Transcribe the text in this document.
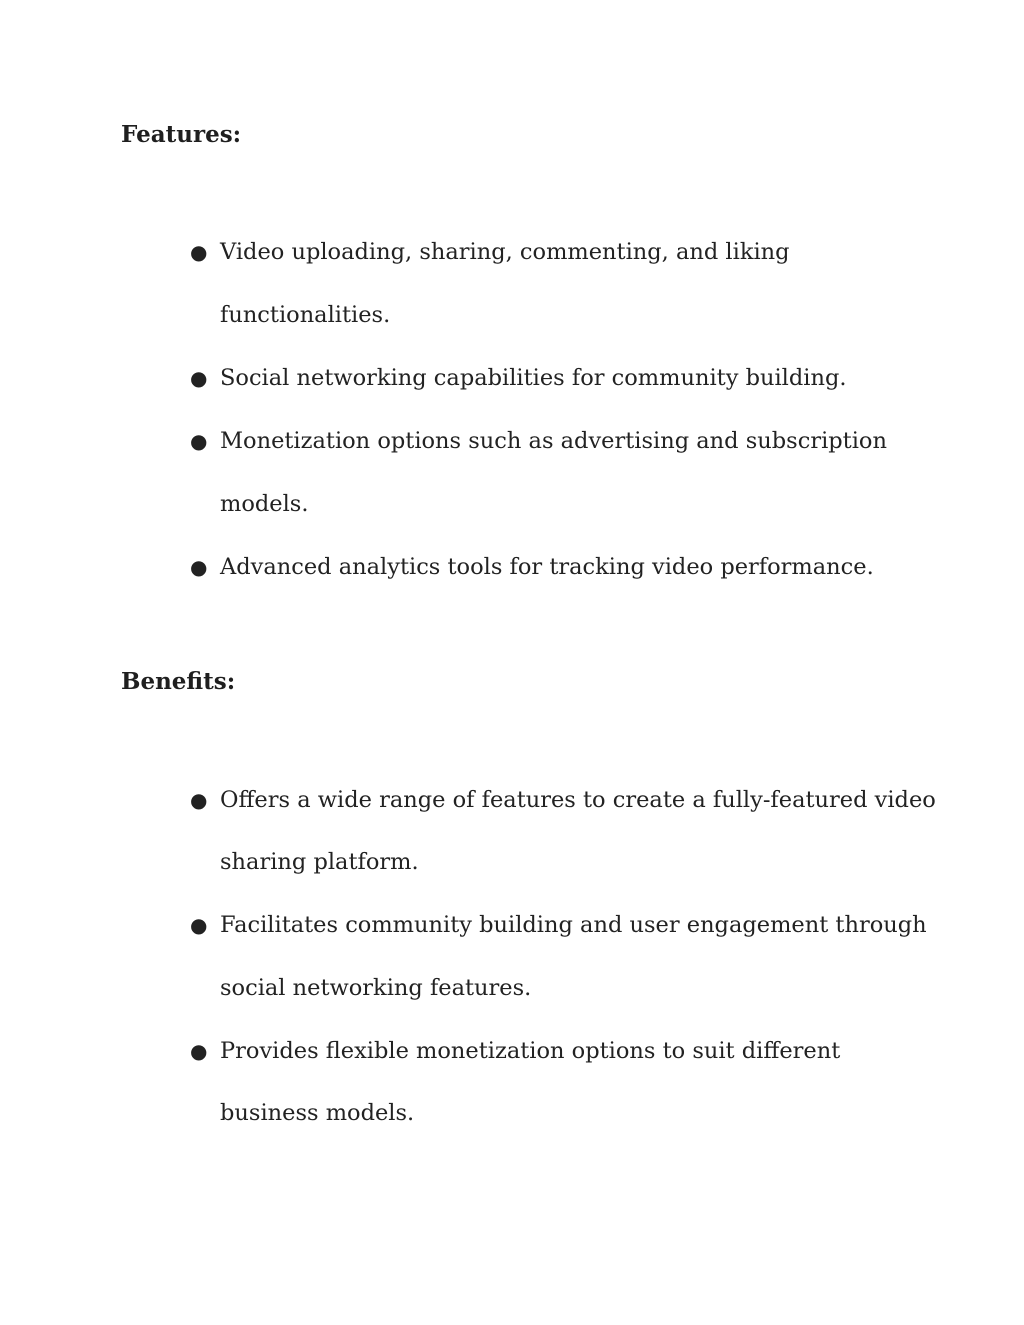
Features:
● Video uploading, sharing, commenting, and liking

functionalities.

● Social networking capabilities for community building.

● Monetization options such as advertising and subscription

models.

● Advanced analytics tools for tracking video performance.

Benefits:
● Offers a wide range of features to create a fully-featured video

sharing platform.

● Facilitates community building and user engagement through

social networking features.

● Provides flexible monetization options to suit different

business models.
